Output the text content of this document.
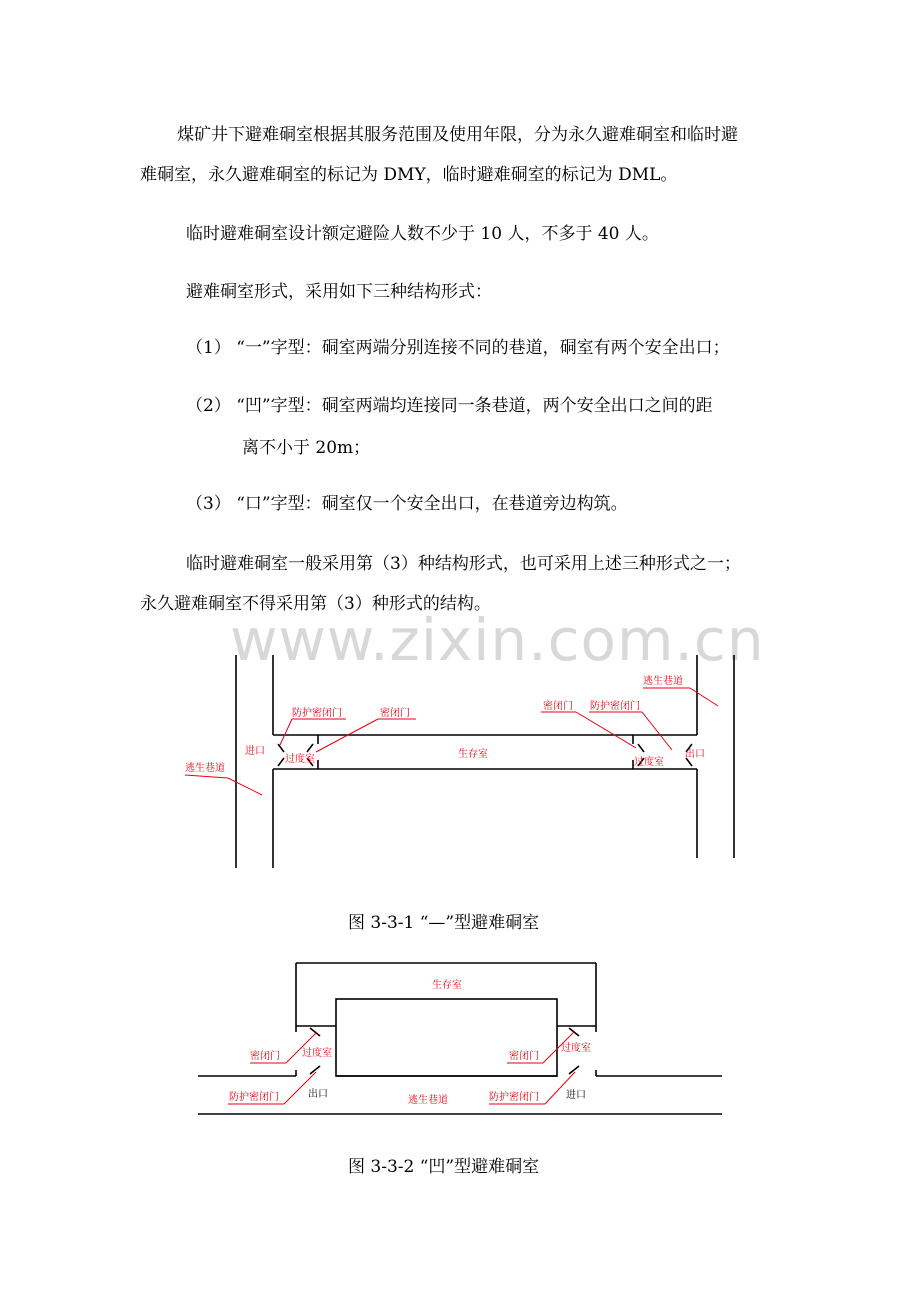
煤矿井下避难硐室根据其服务范围及使用年限，分为永久避难硐室和临时避
难硐室，永久避难硐室的标记为 DMY，临时避难硐室的标记为 DML。
临时避难硐室设计额定避险人数不少于 10 人，不多于 40 人。
避难硐室形式，采用如下三种结构形式：
（1） “一”字型：硐室两端分别连接不同的巷道，硐室有两个安全出口；
（2） “凹”字型：硐室两端均连接同一条巷道，两个安全出口之间的距
离不小于 20m；
（3） “口”字型：硐室仅一个安全出口，在巷道旁边构筑。
临时避难硐室一般采用第（3）种结构形式，也可采用上述三种形式之一；
永久避难硐室不得采用第（3）种形式的结构。
www.zixin.com.cn
逃生巷道
逃生巷道
防护密闭门	密闭门
密闭门 防护密闭门
进口	出口
过度室	过度室
生存室
图 3-3-1 “—”型避难硐室
生存室
密闭门 过度室	密闭门
过度室
防护密闭门	防护密闭门
出口	进口
逃生巷道
图 3-3-2 “凹”型避难硐室
